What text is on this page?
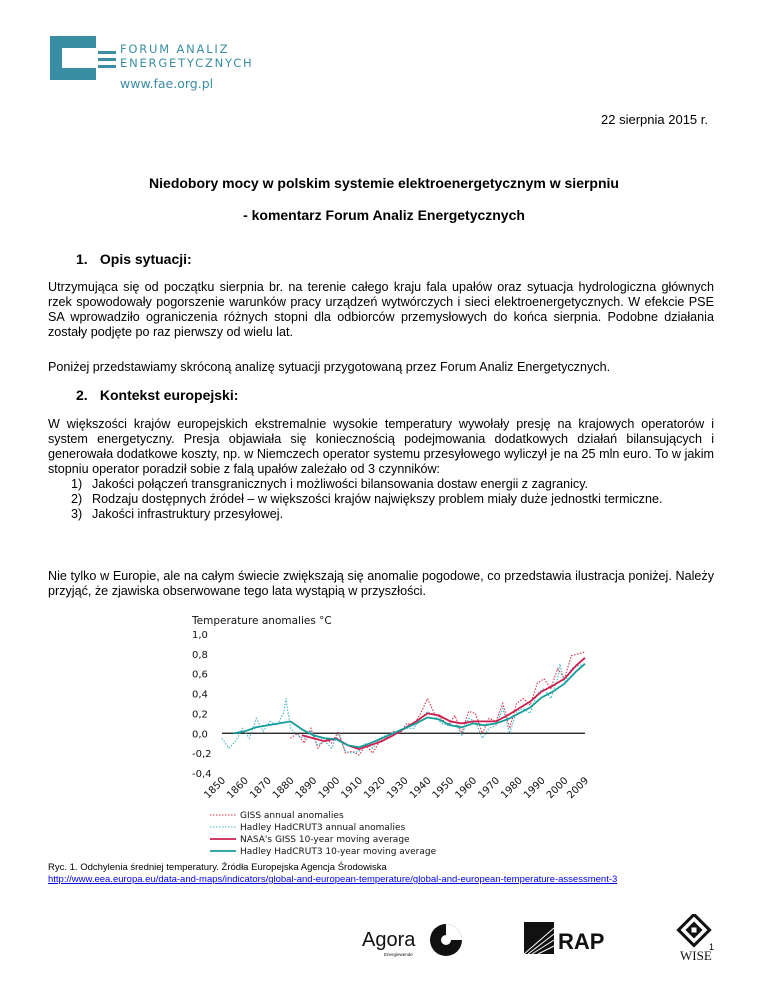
FORUM ANALIZ
ENERGETYCZNYCH
www.fae.org.pl
22 sierpnia 2015 r.
Niedobory mocy w polskim systemie elektroenergetycznym w sierpniu
- komentarz Forum Analiz Energetycznych
1. Opis sytuacji:
Utrzymująca się od początku sierpnia br. na terenie całego kraju fala upałów oraz sytuacja hydrologiczna głównych rzek spowodowały pogorszenie warunków pracy urządzeń wytwórczych i sieci elektroenergetycznych. W efekcie PSE SA wprowadziło ograniczenia różnych stopni dla odbiorców przemysłowych do końca sierpnia. Podobne działania zostały podjęte po raz pierwszy od wielu lat.
Poniżej przedstawiamy skróconą analizę sytuacji przygotowaną przez Forum Analiz Energetycznych.
2. Kontekst europejski:
W większości krajów europejskich ekstremalnie wysokie temperatury wywołały presję na krajowych operatorów i system energetyczny. Presja objawiała się koniecznością podejmowania dodatkowych działań bilansujących i generowała dodatkowe koszty, np. w Niemczech operator systemu przesyłowego wyliczył je na 25 mln euro. To w jakim stopniu operator poradził sobie z falą upałów zależało od 3 czynników:
1) Jakości połączeń transgranicznych i możliwości bilansowania dostaw energii z zagranicy.
2) Rodzaju dostępnych źródeł – w większości krajów największy problem miały duże jednostki termiczne.
3) Jakości infrastruktury przesyłowej.
Nie tylko w Europie, ale na całym świecie zwiększają się anomalie pogodowe, co przedstawia ilustracja poniżej. Należy przyjąć, że zjawiska obserwowane tego lata wystąpią w przyszłości.
Temperature anomalies °C
1,0
0,8
0,6
0,4
0,2
0,0
-0,2
-0,4
1850
1860
1870
1880
1890
1900
1910
1920
1930
1940
1950
1960
1970
1980
1990
2000
2009
GISS annual anomalies
Hadley HadCRUT3 annual anomalies
NASA's GISS 10-year moving average
Hadley HadCRUT3 10-year moving average
Ryc. 1. Odchylenia średniej temperatury. Źródła Europejska Agencja Środowiska
http://www.eea.europa.eu/data-and-maps/indicators/global-and-european-temperature/global-and-european-temperature-assessment-3
Agora
Energiewende
RAP
WISE
1
